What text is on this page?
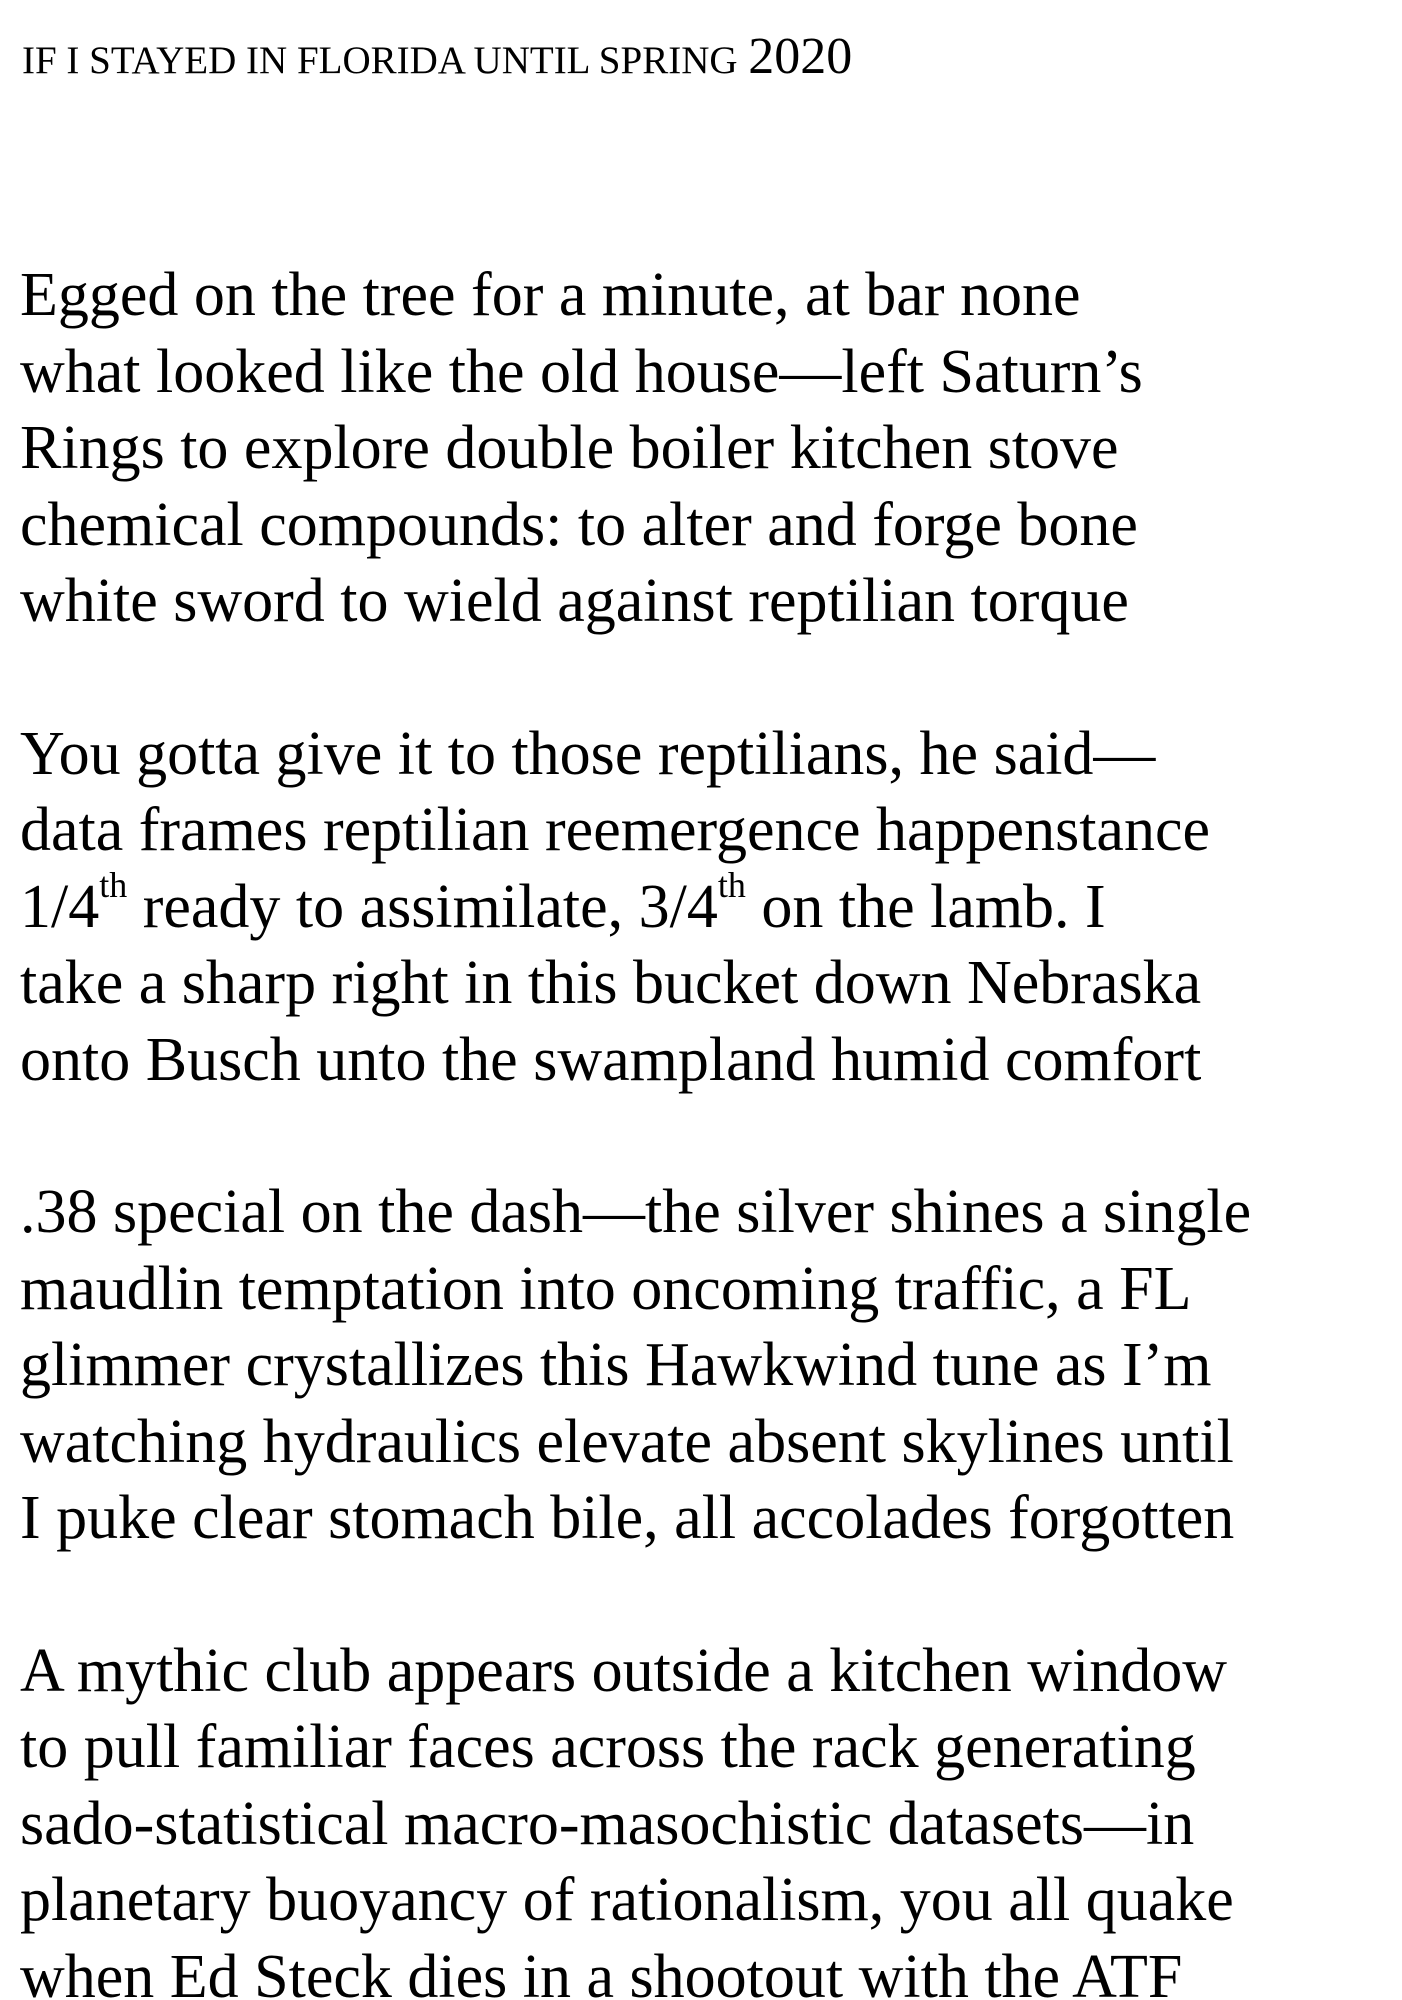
IF I STAYED IN FLORIDA UNTIL SPRING 2020
Egged on the tree for a minute, at bar none
what looked like the old house—left Saturn’s
Rings to explore double boiler kitchen stove
chemical compounds: to alter and forge bone
white sword to wield against reptilian torque
You gotta give it to those reptilians, he said—
data frames reptilian reemergence happenstance
1/4th ready to assimilate, 3/4th on the lamb. I
take a sharp right in this bucket down Nebraska
onto Busch unto the swampland humid comfort
.38 special on the dash—the silver shines a single
maudlin temptation into oncoming traffic, a FL
glimmer crystallizes this Hawkwind tune as I’m
watching hydraulics elevate absent skylines until
I puke clear stomach bile, all accolades forgotten
A mythic club appears outside a kitchen window
to pull familiar faces across the rack generating
sado-statistical macro-masochistic datasets—in
planetary buoyancy of rationalism, you all quake
when Ed Steck dies in a shootout with the ATF
